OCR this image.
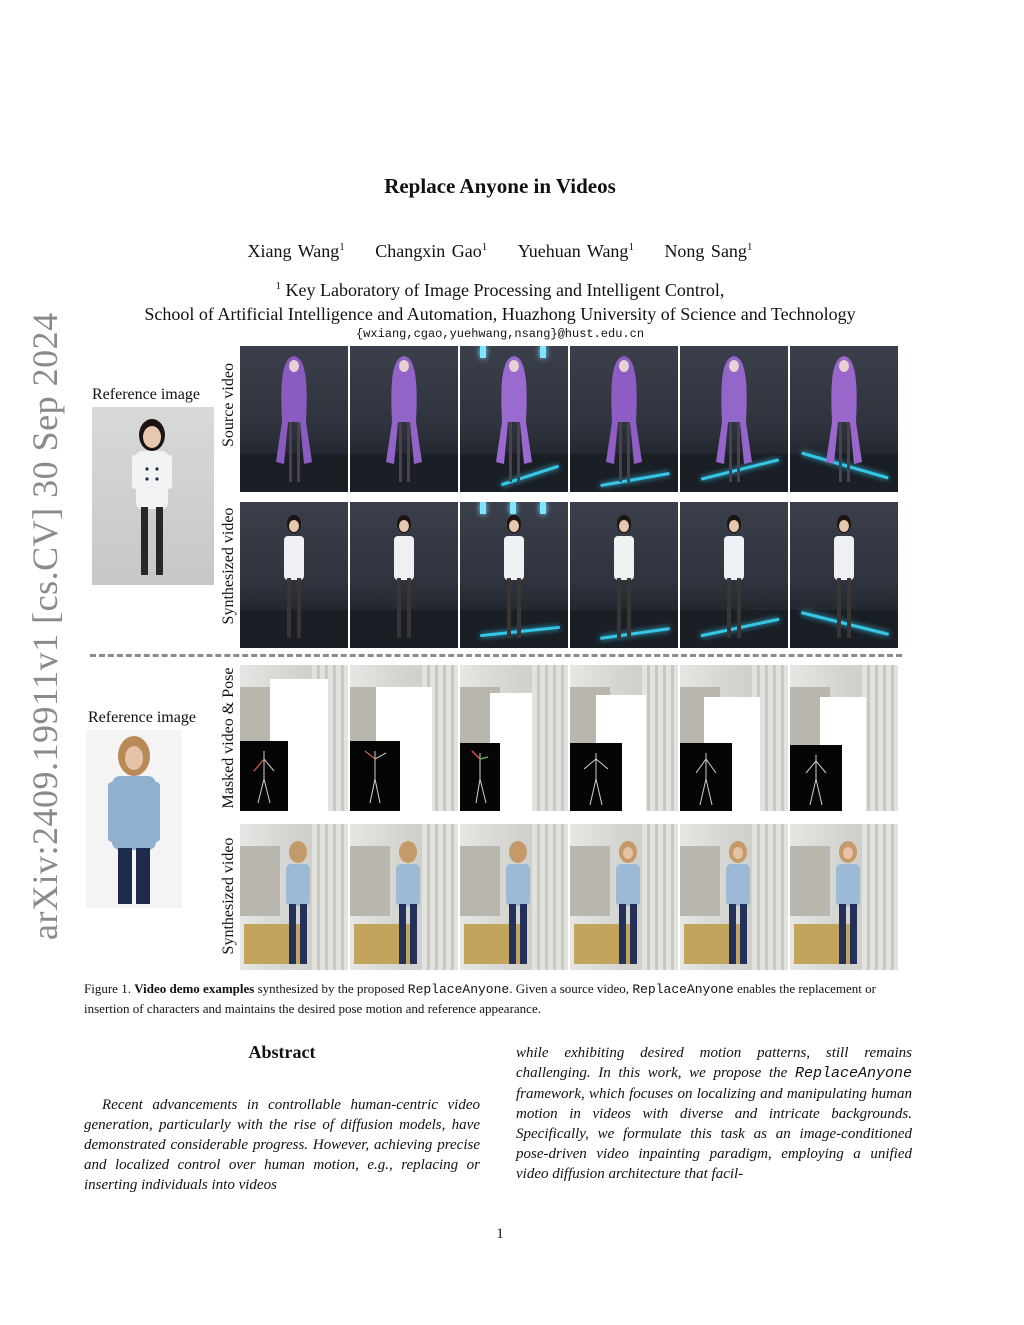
arXiv:2409.19911v1 [cs.CV] 30 Sep 2024
Replace Anyone in Videos
Xiang Wang$^1$ Changxin Gao$^1$ Yuehuan Wang$^1$ Nong Sang$^1$
$^1$ Key Laboratory of Image Processing and Intelligent Control,
School of Artificial Intelligence and Automation, Huazhong University of Science and Technology
{wxiang,cgao,yuehwang,nsang}@hust.edu.cn
Reference image Source video
Synthesized video
Reference image Masked video & Pose
Synthesized video
Figure 1. Video demo examples synthesized by the proposed ReplaceAnyone. Given a source video, ReplaceAnyone enables the replacement or insertion of characters and maintains the desired pose motion and reference appearance.
Abstract
Recent advancements in controllable human-centric video generation, particularly with the rise of diffusion models, have demonstrated considerable progress. However, achieving precise and localized control over human motion, e.g., replacing or inserting individuals into videos
while exhibiting desired motion patterns, still remains challenging. In this work, we propose the ReplaceAnyone framework, which focuses on localizing and manipulating human motion in videos with diverse and intricate backgrounds. Specifically, we formulate this task as an image-conditioned pose-driven video inpainting paradigm, employing a unified video diffusion architecture that facil-
1
